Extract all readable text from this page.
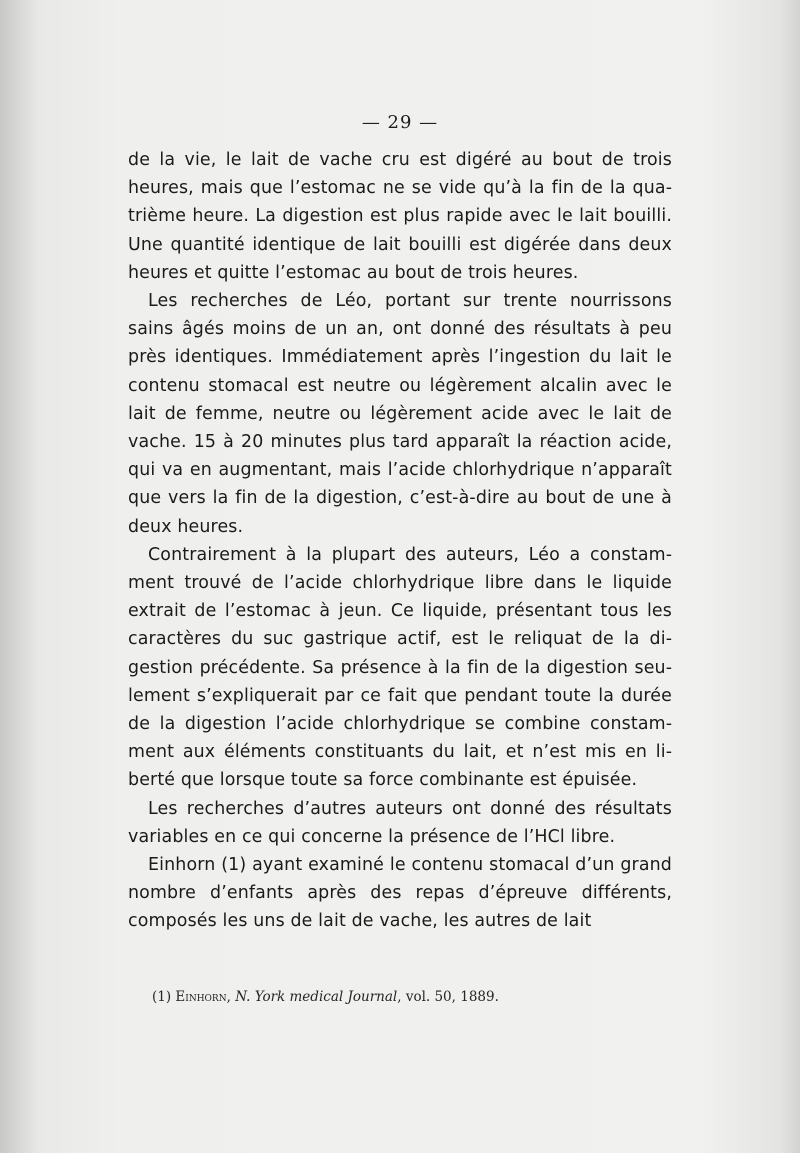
— 29 —

de la vie, le lait de vache cru est digéré au bout de trois heures, mais que l’estomac ne se vide qu’à la fin de la quatrième heure. La digestion est plus rapide avec le lait bouilli. Une quantité identique de lait bouilli est digérée dans deux heures et quitte l’estomac au bout de trois heures.

Les recherches de Léo, portant sur trente nourrissons sains âgés moins de un an, ont donné des résultats à peu près identiques. Immédiatement après l’ingestion du lait le contenu stomacal est neutre ou légèrement alcalin avec le lait de femme, neutre ou légèrement acide avec le lait de vache. 15 à 20 minutes plus tard apparaît la réaction acide, qui va en augmentant, mais l’acide chlorhydrique n’apparaît que vers la fin de la digestion, c’est-à-dire au bout de une à deux heures.

Contrairement à la plupart des auteurs, Léo a constamment trouvé de l’acide chlorhydrique libre dans le liquide extrait de l’estomac à jeun. Ce liquide, présentant tous les caractères du suc gastrique actif, est le reliquat de la digestion précédente. Sa présence à la fin de la digestion seulement s’expliquerait par ce fait que pendant toute la durée de la digestion l’acide chlorhydrique se combine constamment aux éléments constituants du lait, et n’est mis en liberté que lorsque toute sa force combinante est épuisée.

Les recherches d’autres auteurs ont donné des résultats variables en ce qui concerne la présence de l’HCl libre.

Einhorn (1) ayant examiné le contenu stomacal d’un grand nombre d’enfants après des repas d’épreuve différents, composés les uns de lait de vache, les autres de lait

(1) Einhorn, N. York medical Journal, vol. 50, 1889.
